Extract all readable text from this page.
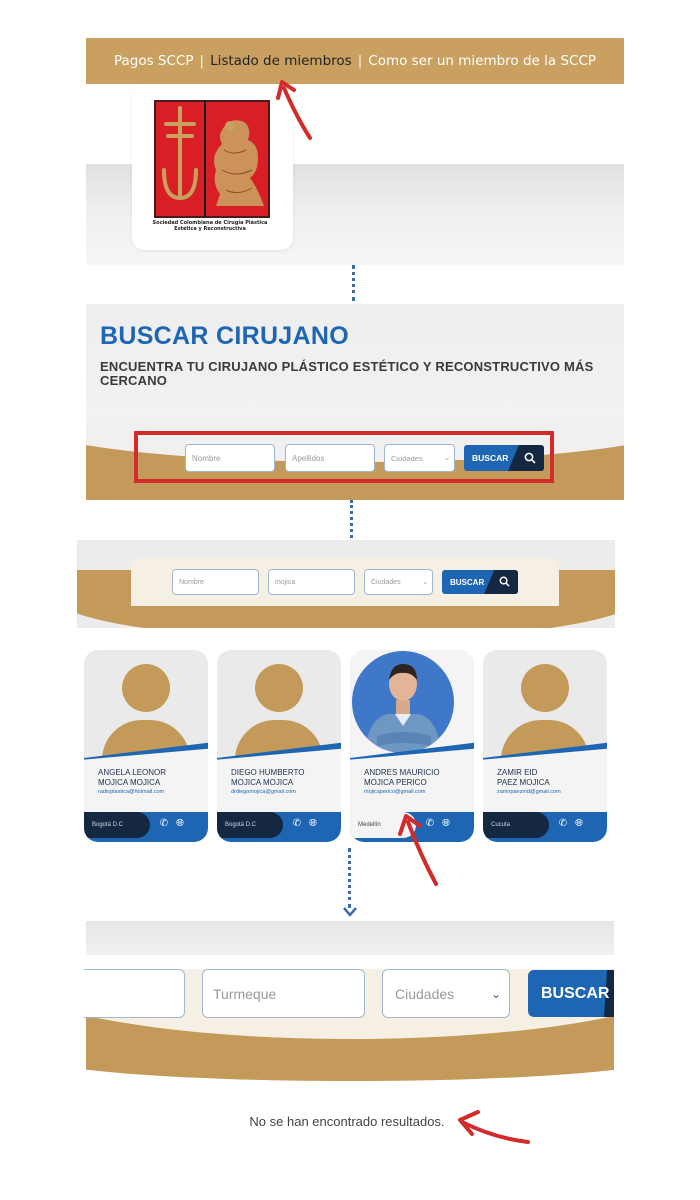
Pagos SCCP | Listado de miembros | Como ser un miembro de la SCCP
Sociedad Colombiana de Cirugía Plástica
Estética y Reconstructiva
BUSCAR CIRUJANO
ENCUENTRA TU CIRUJANO PLÁSTICO ESTÉTICO Y RECONSTRUCTIVO MÁS CERCANO
Nombre	Apellidos	Ciudades	⌄	BUSCAR
Nombre	mojica	Ciudades	⌄	BUSCAR
ANGELA LEONOR
MOJICA MOJICA
radioplastica@hotmail.com
Bogotá D.C	✆ 🌐︎
DIEGO HUMBERTO
MOJICA MOJICA
drdiegomojica@gmail.com
Bogotá D.C	✆ 🌐︎
ANDRES MAURICIO
MOJICA PERICO
mojicaperico@gmail.com
Medellín	✆ 🌐︎
ZAMIR EID
PAEZ MOJICA
zamirpaezmd@gmail.com
Cucuta	✆ 🌐︎
Turmeque	Ciudades	⌄	BUSCAR
No se han encontrado resultados.
